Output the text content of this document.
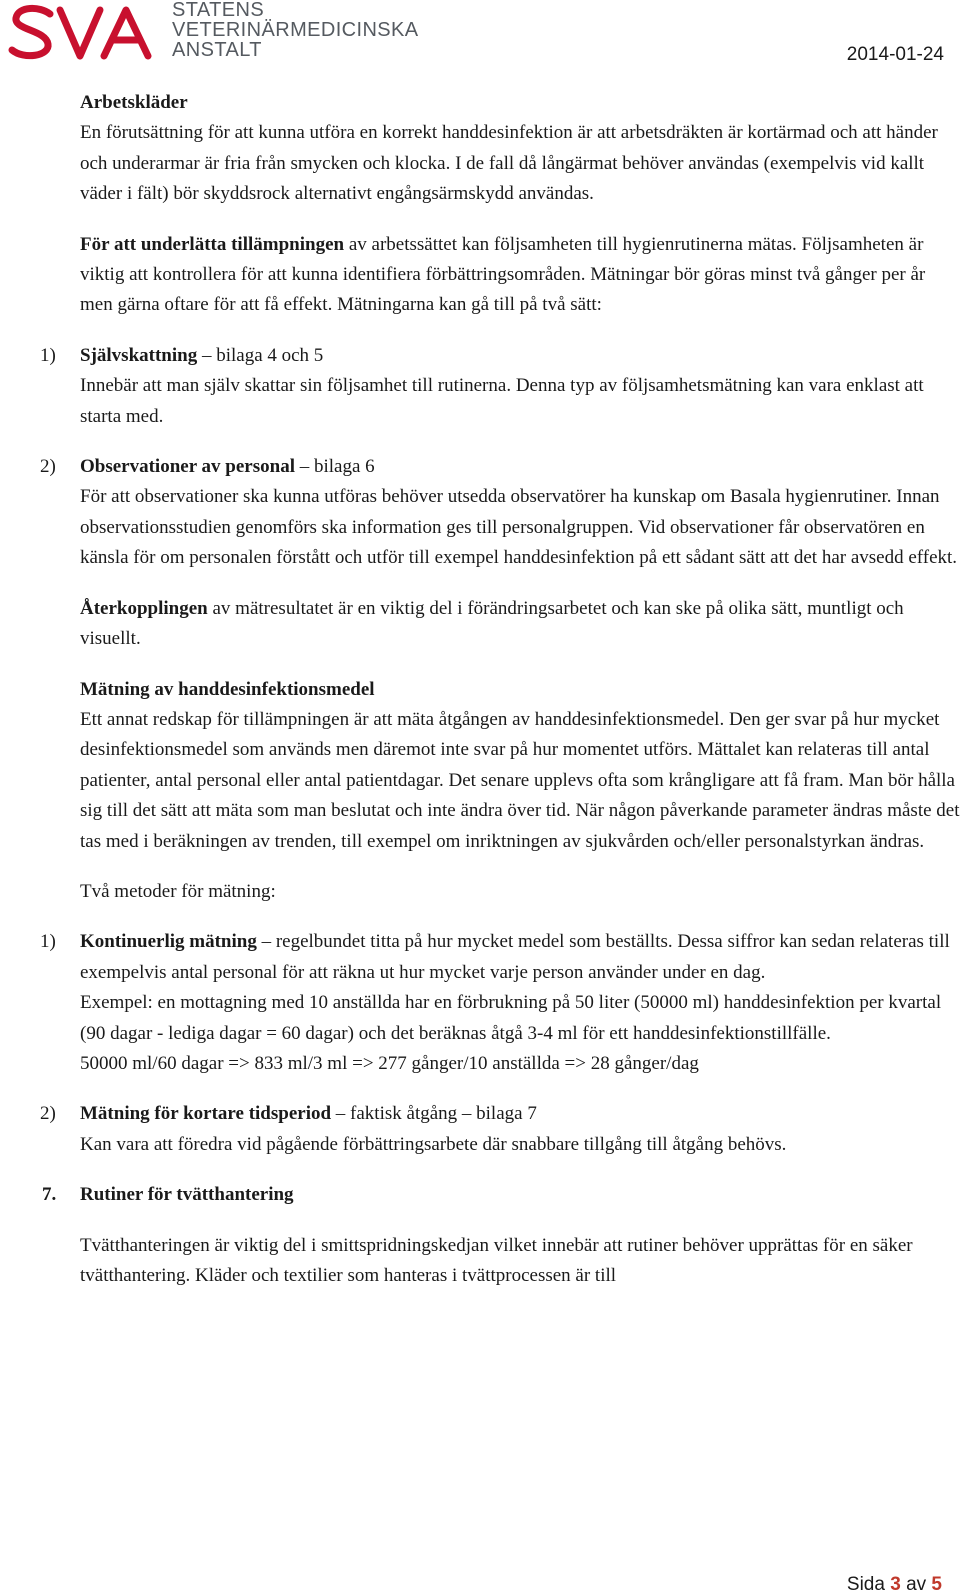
STATENS
VETERINÄRMEDICINSKA
ANSTALT	2014-01-24

Arbetskläder

En förutsättning för att kunna utföra en korrekt handdesinfektion är att arbetsdräkten är kortärmad och att händer och underarmar är fria från smycken och klocka. I de fall då långärmat behöver användas (exempelvis vid kallt väder i fält) bör skyddsrock alternativt engångsärmskydd användas.

För att underlätta tillämpningen av arbetssättet kan följsamheten till hygienrutinerna mätas. Följsamheten är viktig att kontrollera för att kunna identifiera förbättringsområden. Mätningar bör göras minst två gånger per år men gärna oftare för att få effekt. Mätningarna kan gå till på två sätt:

1) Självskattning – bilaga 4 och 5

Innebär att man själv skattar sin följsamhet till rutinerna. Denna typ av följsamhetsmätning kan vara enklast att starta med.

2) Observationer av personal – bilaga 6

För att observationer ska kunna utföras behöver utsedda observatörer ha kunskap om Basala hygienrutiner. Innan observationsstudien genomförs ska information ges till personalgruppen. Vid observationer får observatören en känsla för om personalen förstått och utför till exempel handdesinfektion på ett sådant sätt att det har avsedd effekt.

Återkopplingen av mätresultatet är en viktig del i förändringsarbetet och kan ske på olika sätt, muntligt och visuellt.

Mätning av handdesinfektionsmedel

Ett annat redskap för tillämpningen är att mäta åtgången av handdesinfektionsmedel. Den ger svar på hur mycket desinfektionsmedel som används men däremot inte svar på hur momentet utförs. Mättalet kan relateras till antal patienter, antal personal eller antal patientdagar. Det senare upplevs ofta som krångligare att få fram. Man bör hålla sig till det sätt att mäta som man beslutat och inte ändra över tid. När någon påverkande parameter ändras måste det tas med i beräkningen av trenden, till exempel om inriktningen av sjukvården och/eller personalstyrkan ändras.

Två metoder för mätning:

1) Kontinuerlig mätning – regelbundet titta på hur mycket medel som beställts. Dessa siffror kan sedan relateras till exempelvis antal personal för att räkna ut hur mycket varje person använder under en dag.

Exempel: en mottagning med 10 anställda har en förbrukning på 50 liter (50000 ml) handdesinfektion per kvartal (90 dagar - lediga dagar = 60 dagar) och det beräknas åtgå 3-4 ml för ett handdesinfektionstillfälle.

50000 ml/60 dagar => 833 ml/3 ml => 277 gånger/10 anställda => 28 gånger/dag

2) Mätning för kortare tidsperiod – faktisk åtgång – bilaga 7

Kan vara att föredra vid pågående förbättringsarbete där snabbare tillgång till åtgång behövs.

7. Rutiner för tvätthantering

Tvätthanteringen är viktig del i smittspridningskedjan vilket innebär att rutiner behöver upprättas för en säker tvätthantering. Kläder och textilier som hanteras i tvättprocessen är till

Sida 3 av 5
